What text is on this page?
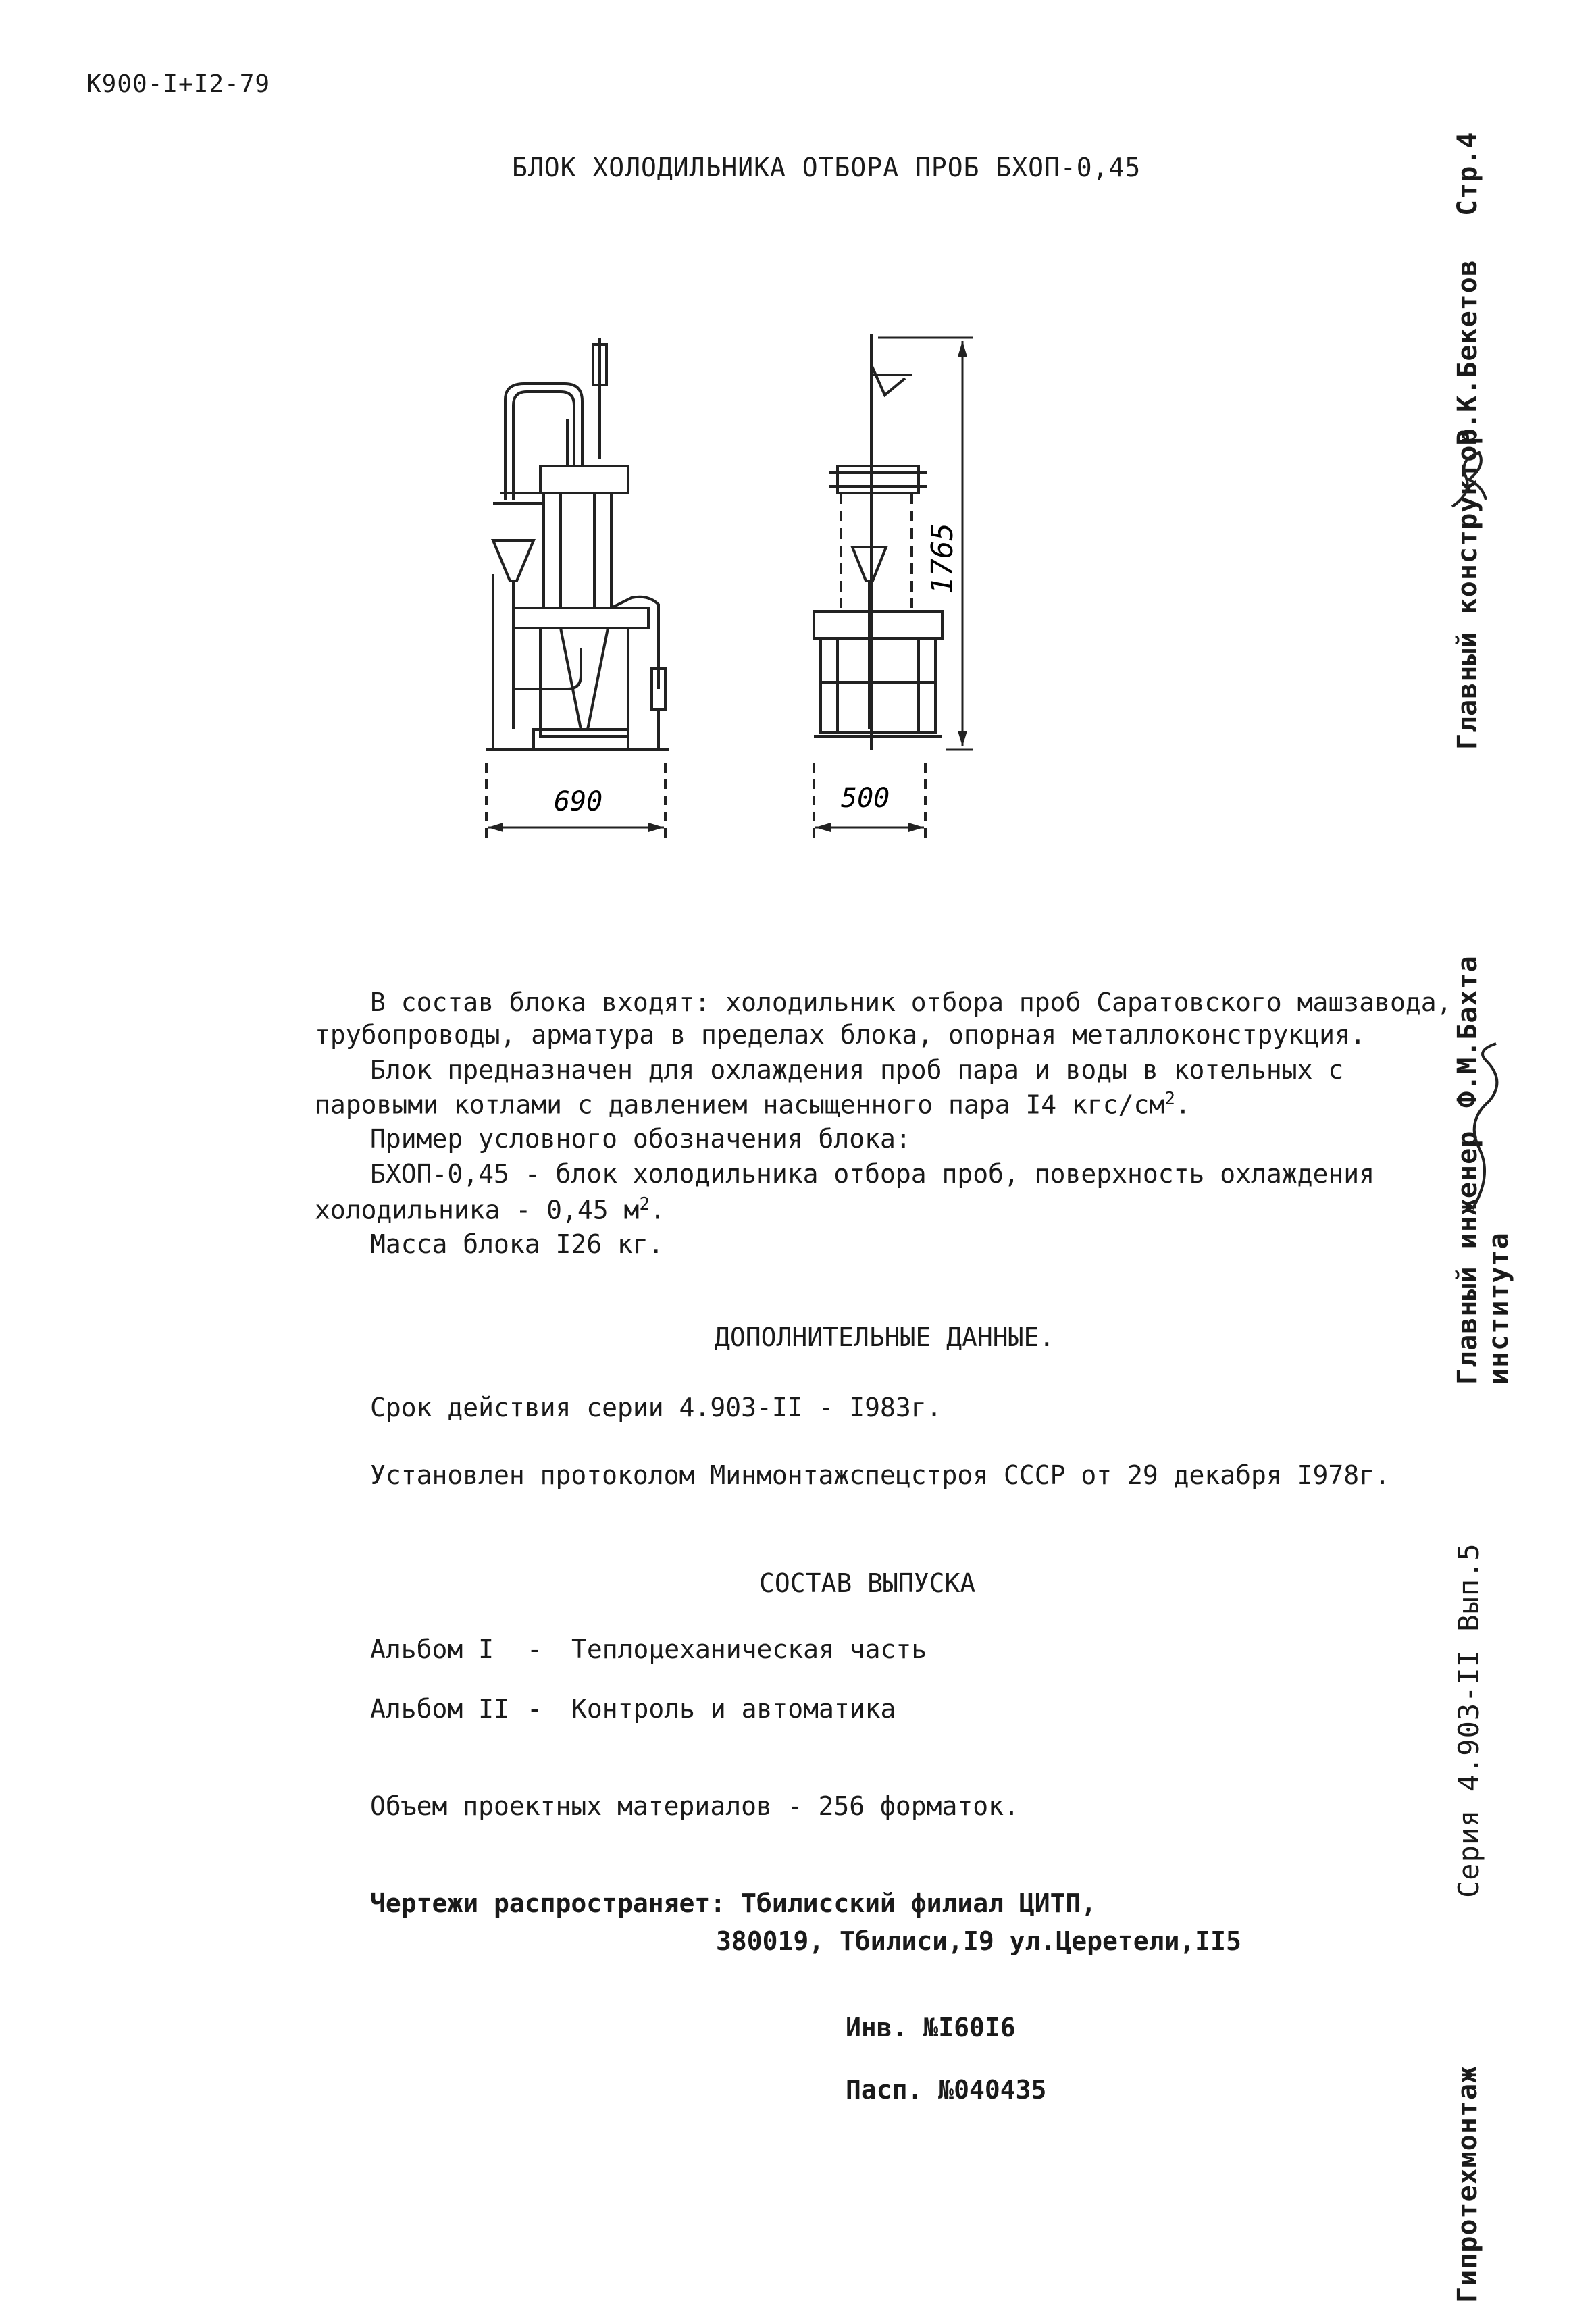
К900-I+I2-79
БЛОК ХОЛОДИЛЬНИКА ОТБОРА ПРОБ БХОП-0,45
690	500
1765
В состав блока входят: холодильник отбора проб Саратовского машзавода,
трубопроводы, арматура в пределах блока, опорная металлоконструкция.
Блок предназначен для охлаждения проб пара и воды в котельных с
паровыми котлами с давлением насыщенного пара I4 кгс/$см^2$.
Пример условного обозначения блока:
БХОП-0,45 - блок холодильника отбора проб, поверхность охлаждения
холодильника - 0,45 $м^2$.
Масса блока I26 кг.
ДОПОЛНИТЕЛЬНЫЕ ДАННЫЕ.
Срок действия серии 4.903-II - I983г.
Установлен протоколом Минмонтажспецстроя СССР от 29 декабря I978г.
СОСТАВ ВЫПУСКА
Альбом I - Теплομеханическая часть
Альбом II - Контроль и автоматика
Объем проектных материалов - 256 форматок.
Чертежи распространяет: Тбилисский филиал ЦИТП,
380019, Тбилиси,I9 ул.Церетели,II5
Инв. №I60I6
Пасп. №040435
Стр.4
Главный конструктор
Р.К.Бекетов
Главный инженер института
Ф.М.Бахта
Серия 4.903-II Вып.5
Гипротехмонтаж
